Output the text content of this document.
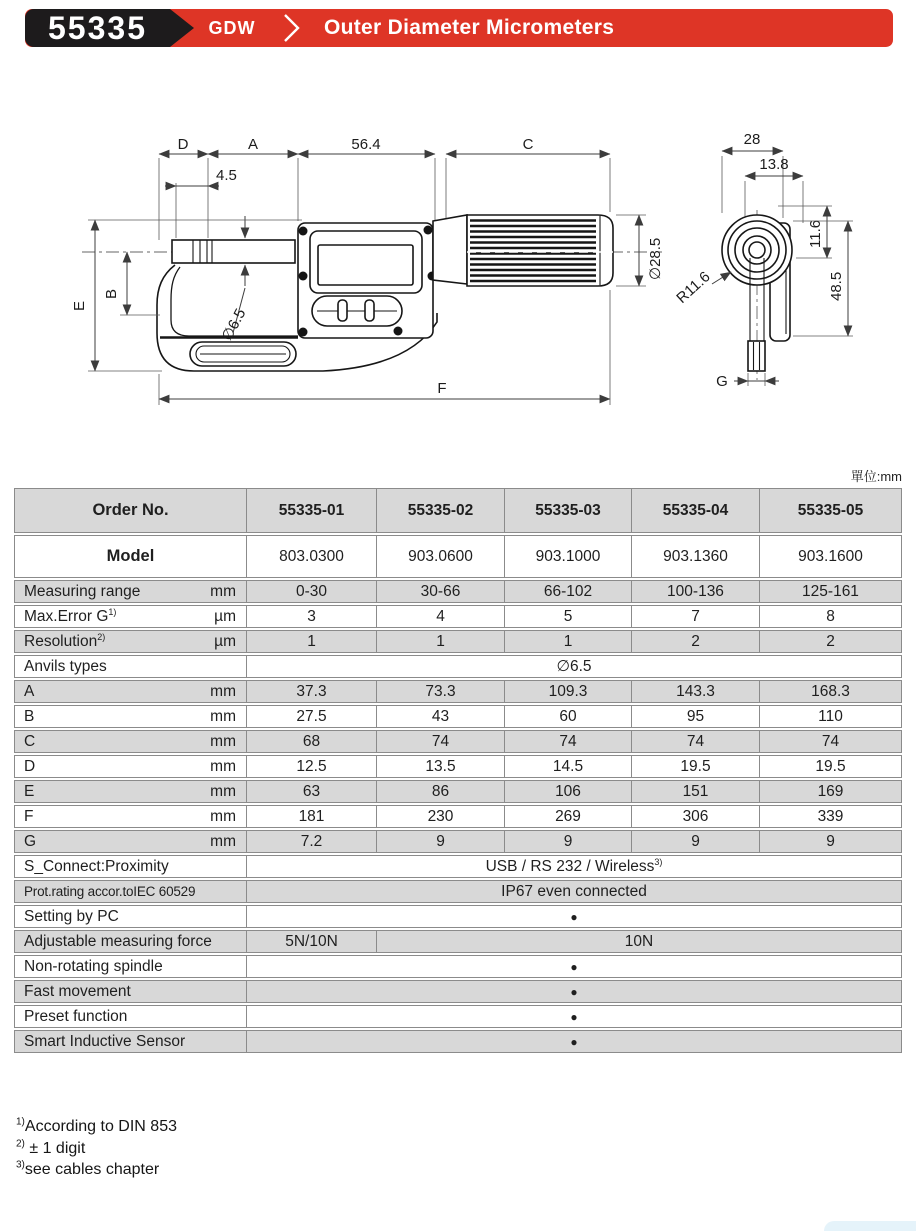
55335	GDW	Outer Diameter Micrometers
D	A	56.4	C
4.5
∅6.5
E
B
F
∅28.5
28
13.8
R11.6
11.6
48.5
G
單位:mm
Order No.	55335-01	55335-02	55335-03	55335-04	55335-05
Model	803.0300	903.0600	903.1000	903.1360	903.1600

Measuring range mm	0-30	30-66	66-102	100-136	125-161

Max.Error $G^{1)}$ µm	3	4	5	7	8

Resolution$^{2)}$ µm	1	1	1	2	2

Anvils types	∅6.5				

A mm	37.3	73.3	109.3	143.3	168.3

B mm	27.5	43	60	95	110

C mm	68	74	74	74	74

D mm	12.5	13.5	14.5	19.5	19.5

E mm	63	86	106	151	169

F mm	181	230	269	306	339

G mm	7.2	9	9	9	9

S_Connect:Proximity	USB / RS 232 / Wireless$^{3)}$

Prot.rating accor.toIEC 60529	IP67 even connected				

Setting by PC	●				

Adjustable measuring force	5N/10N	10N			

Non-rotating spindle	●				

Fast movement	●				

Preset function	●				

Smart Inductive Sensor	●				
$^{1)}$According to DIN 853
$^{2)}$ ± 1 digit
$^{3)}$see cables chapter
